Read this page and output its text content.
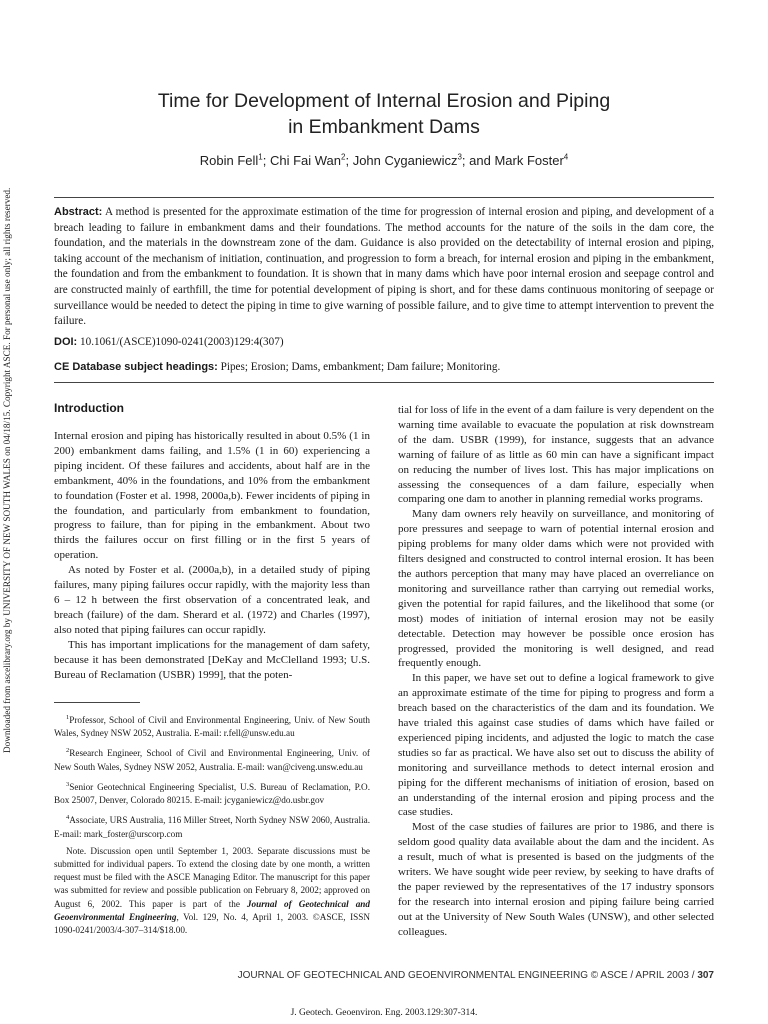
Downloaded from ascelibrary.org by UNIVERSITY OF NEW SOUTH WALES on 04/18/15. Copyright ASCE. For personal use only; all rights reserved.
Time for Development of Internal Erosion and Piping
in Embankment Dams
Robin Fell$^1$; Chi Fai Wan$^2$; John Cyganiewicz$^3$; and Mark Foster$^4$

Abstract: A method is presented for the approximate estimation of the time for progression of internal erosion and piping, and development of a breach leading to failure in embankment dams and their foundations. The method accounts for the nature of the soils in the dam core, the foundation, and the materials in the downstream zone of the dam. Guidance is also provided on the detectability of internal erosion and piping, taking account of the mechanism of initiation, continuation, and progression to form a breach, for internal erosion and piping in the embankment, the foundation and from the embankment to foundation. It is shown that in many dams which have poor internal erosion and seepage control and are constructed mainly of earthfill, the time for potential development of piping is short, and for these dams continuous monitoring of seepage or surveillance would be needed to detect the piping in time to give warning of possible failure, and to give time to attempt intervention to prevent the failure.

DOI: 10.1061/(ASCE)1090-0241(2003)129:4(307)
CE Database subject headings: Pipes; Erosion; Dams, embankment; Dam failure; Monitoring.
Introduction

Internal erosion and piping has historically resulted in about 0.5% (1 in 200) embankment dams failing, and 1.5% (1 in 60) experiencing a piping incident. Of these failures and accidents, about half are in the embankment, 40% in the foundations, and 10% from the embankment to foundation (Foster et al. 1998, 2000a,b). Fewer incidents of piping in the foundation, and particularly from embankment to foundation, progress to failure, than for piping in the embankment. About two thirds the failures occur on first filling or in the first 5 years of operation.

As noted by Foster et al. (2000a,b), in a detailed study of piping failures, many piping failures occur rapidly, with the majority less than 6 – 12 h between the first observation of a concentrated leak, and breach (failure) of the dam. Sherard et al. (1972) and Charles (1997), also noted that piping failures can occur rapidly.

This has important implications for the management of dam safety, because it has been demonstrated [DeKay and McClelland 1993; U.S. Bureau of Reclamation (USBR) 1999], that the poten-

$^1$Professor, School of Civil and Environmental Engineering, Univ. of New South Wales, Sydney NSW 2052, Australia. E-mail: r.fell@unsw.edu.au

$^2$Research Engineer, School of Civil and Environmental Engineering, Univ. of New South Wales, Sydney NSW 2052, Australia. E-mail: wan@civeng.unsw.edu.au

$^3$Senior Geotechnical Engineering Specialist, U.S. Bureau of Reclamation, P.O. Box 25007, Denver, Colorado 80215. E-mail: jcyganiewicz@do.usbr.gov

$^4$Associate, URS Australia, 116 Miller Street, North Sydney NSW 2060, Australia. E-mail: mark_foster@urscorp.com

Note. Discussion open until September 1, 2003. Separate discussions must be submitted for individual papers. To extend the closing date by one month, a written request must be filed with the ASCE Managing Editor. The manuscript for this paper was submitted for review and possible publication on February 8, 2002; approved on August 6, 2002. This paper is part of the Journal of Geotechnical and Geoenvironmental Engineering, Vol. 129, No. 4, April 1, 2003. ©ASCE, ISSN 1090-0241/2003/4-307–314/$18.00.

tial for loss of life in the event of a dam failure is very dependent on the warning time available to evacuate the population at risk downstream of the dam. USBR (1999), for instance, suggests that an advance warning of failure of as little as 60 min can have a significant impact on reducing the number of lives lost. This has major implications on assessing the consequences of a dam failure, especially when comparing one dam to another in planning remedial works programs.

Many dam owners rely heavily on surveillance, and monitoring of pore pressures and seepage to warn of potential internal erosion and piping problems for many older dams which were not provided with filters designed and constructed to control internal erosion. It has been the authors perception that many may have placed an overreliance on monitoring and surveillance rather than carrying out remedial works, given the potential for rapid failures, and the likelihood that some (or most) modes of initiation of internal erosion may not be easily detectable. Detection may however be possible once erosion has progressed, provided the monitoring is well designed, and read frequently enough.

In this paper, we have set out to define a logical framework to give an approximate estimate of the time for piping to progress and form a breach based on the characteristics of the dam and its foundation. We have trialed this against case studies of dams which have failed or experienced piping incidents, and adjusted the logic to match the case studies so far as practical. We have also set out to discuss the ability of monitoring and surveillance methods to detect internal erosion and piping for the different mechanisms of initiation of erosion, based on an understanding of the internal erosion and piping process and the case studies.

Most of the case studies of failures are prior to 1986, and there is seldom good quality data available about the dam and the incident. As a result, much of what is presented is based on the judgments of the writers. We have sought wide peer review, by seeking to have drafts of the paper reviewed by the representatives of the 17 industry sponsors for the research into internal erosion and piping failure being carried out at the University of New South Wales (UNSW), and other selected colleagues.

JOURNAL OF GEOTECHNICAL AND GEOENVIRONMENTAL ENGINEERING © ASCE / APRIL 2003 / 307
J. Geotech. Geoenviron. Eng. 2003.129:307-314.
